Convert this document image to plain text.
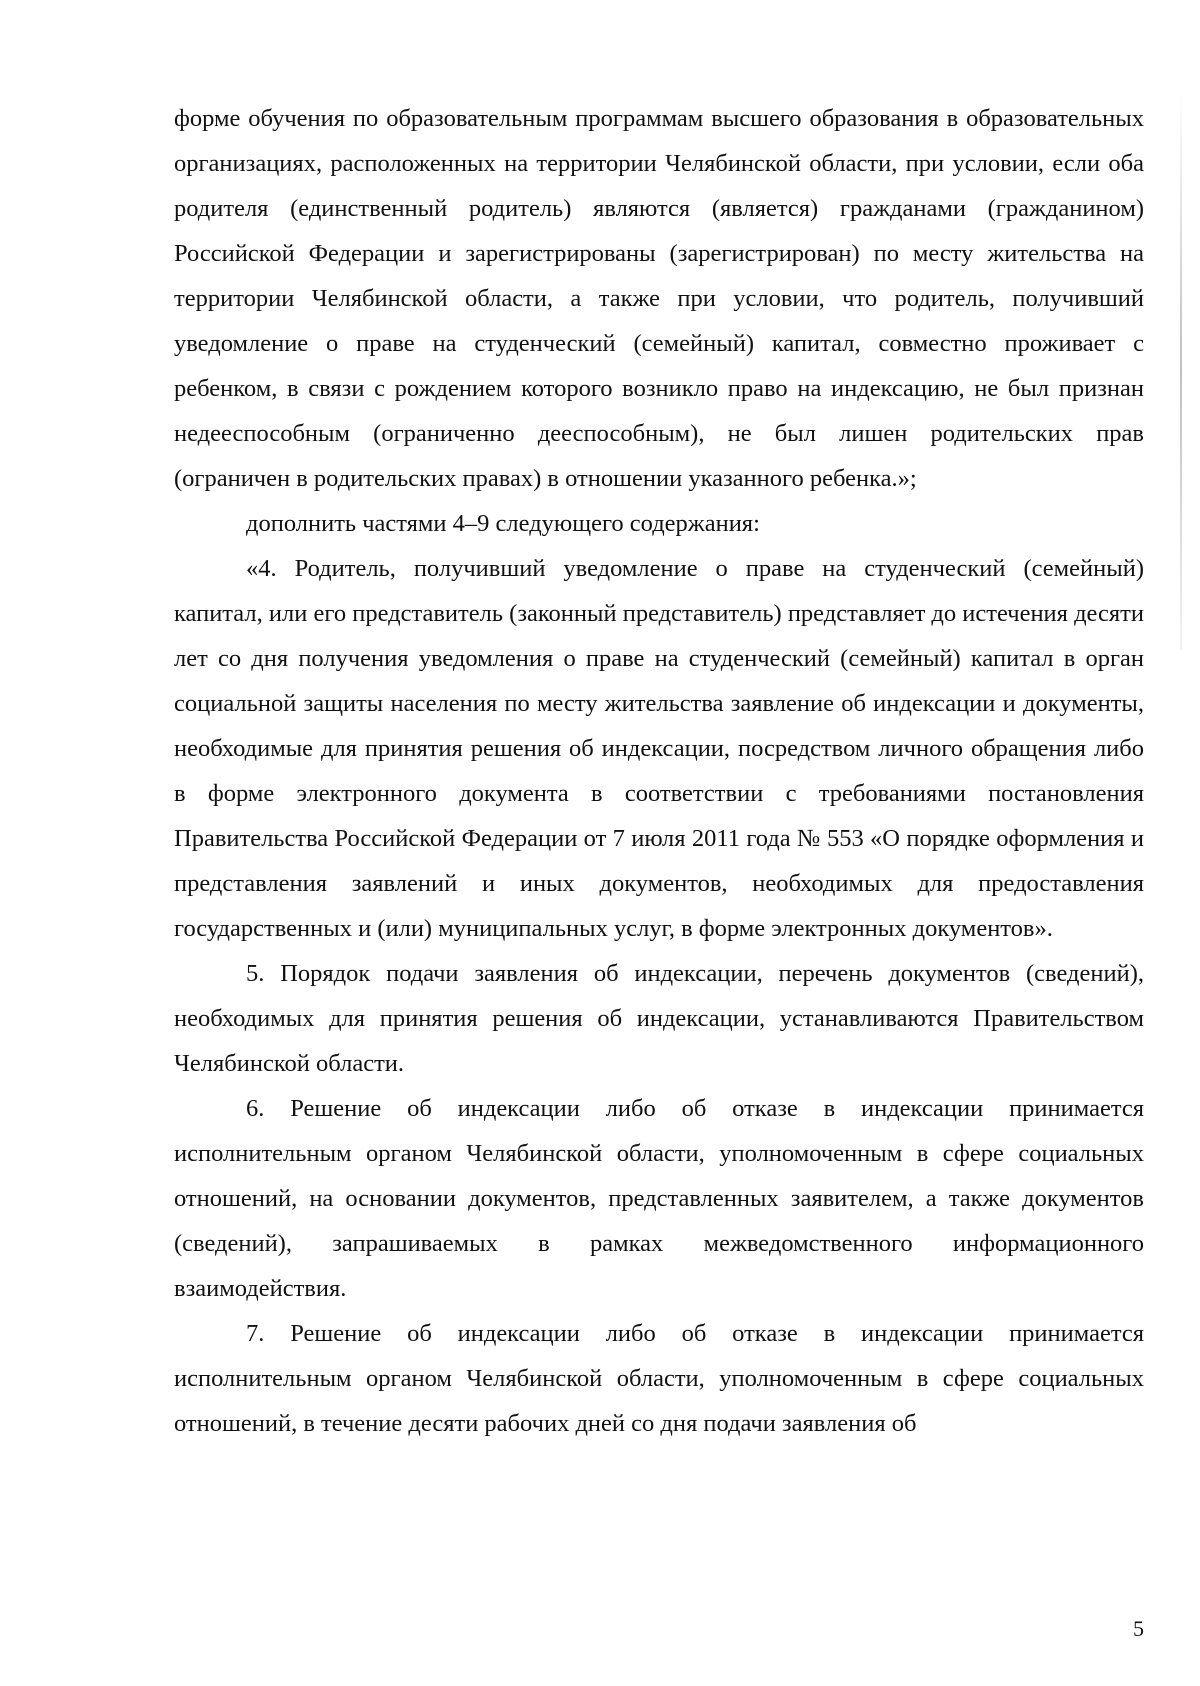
форме обучения по образовательным программам высшего образования в образовательных организациях, расположенных на территории Челябинской области, при условии, если оба родителя (единственный родитель) являются (является) гражданами (гражданином) Российской Федерации и зарегистрированы (зарегистрирован) по месту жительства на территории Челябинской области, а также при условии, что родитель, получивший уведомление о праве на студенческий (семейный) капитал, совместно проживает с ребенком, в связи с рождением которого возникло право на индексацию, не был признан недееспособным (ограниченно дееспособным), не был лишен родительских прав (ограничен в родительских правах) в отношении указанного ребенка.»;

дополнить частями 4–9 следующего содержания:

«4. Родитель, получивший уведомление о праве на студенческий (семейный) капитал, или его представитель (законный представитель) представляет до истечения десяти лет со дня получения уведомления о праве на студенческий (семейный) капитал в орган социальной защиты населения по месту жительства заявление об индексации и документы, необходимые для принятия решения об индексации, посредством личного обращения либо в форме электронного документа в соответствии с требованиями постановления Правительства Российской Федерации от 7 июля 2011 года № 553 «О порядке оформления и представления заявлений и иных документов, необходимых для предоставления государственных и (или) муниципальных услуг, в форме электронных документов».

5. Порядок подачи заявления об индексации, перечень документов (сведений), необходимых для принятия решения об индексации, устанавливаются Правительством Челябинской области.

6. Решение об индексации либо об отказе в индексации принимается исполнительным органом Челябинской области, уполномоченным в сфере социальных отношений, на основании документов, представленных заявителем, а также документов (сведений), запрашиваемых в рамках межведомственного информационного взаимодействия.

7. Решение об индексации либо об отказе в индексации принимается исполнительным органом Челябинской области, уполномоченным в сфере социальных отношений, в течение десяти рабочих дней со дня подачи заявления об

5
